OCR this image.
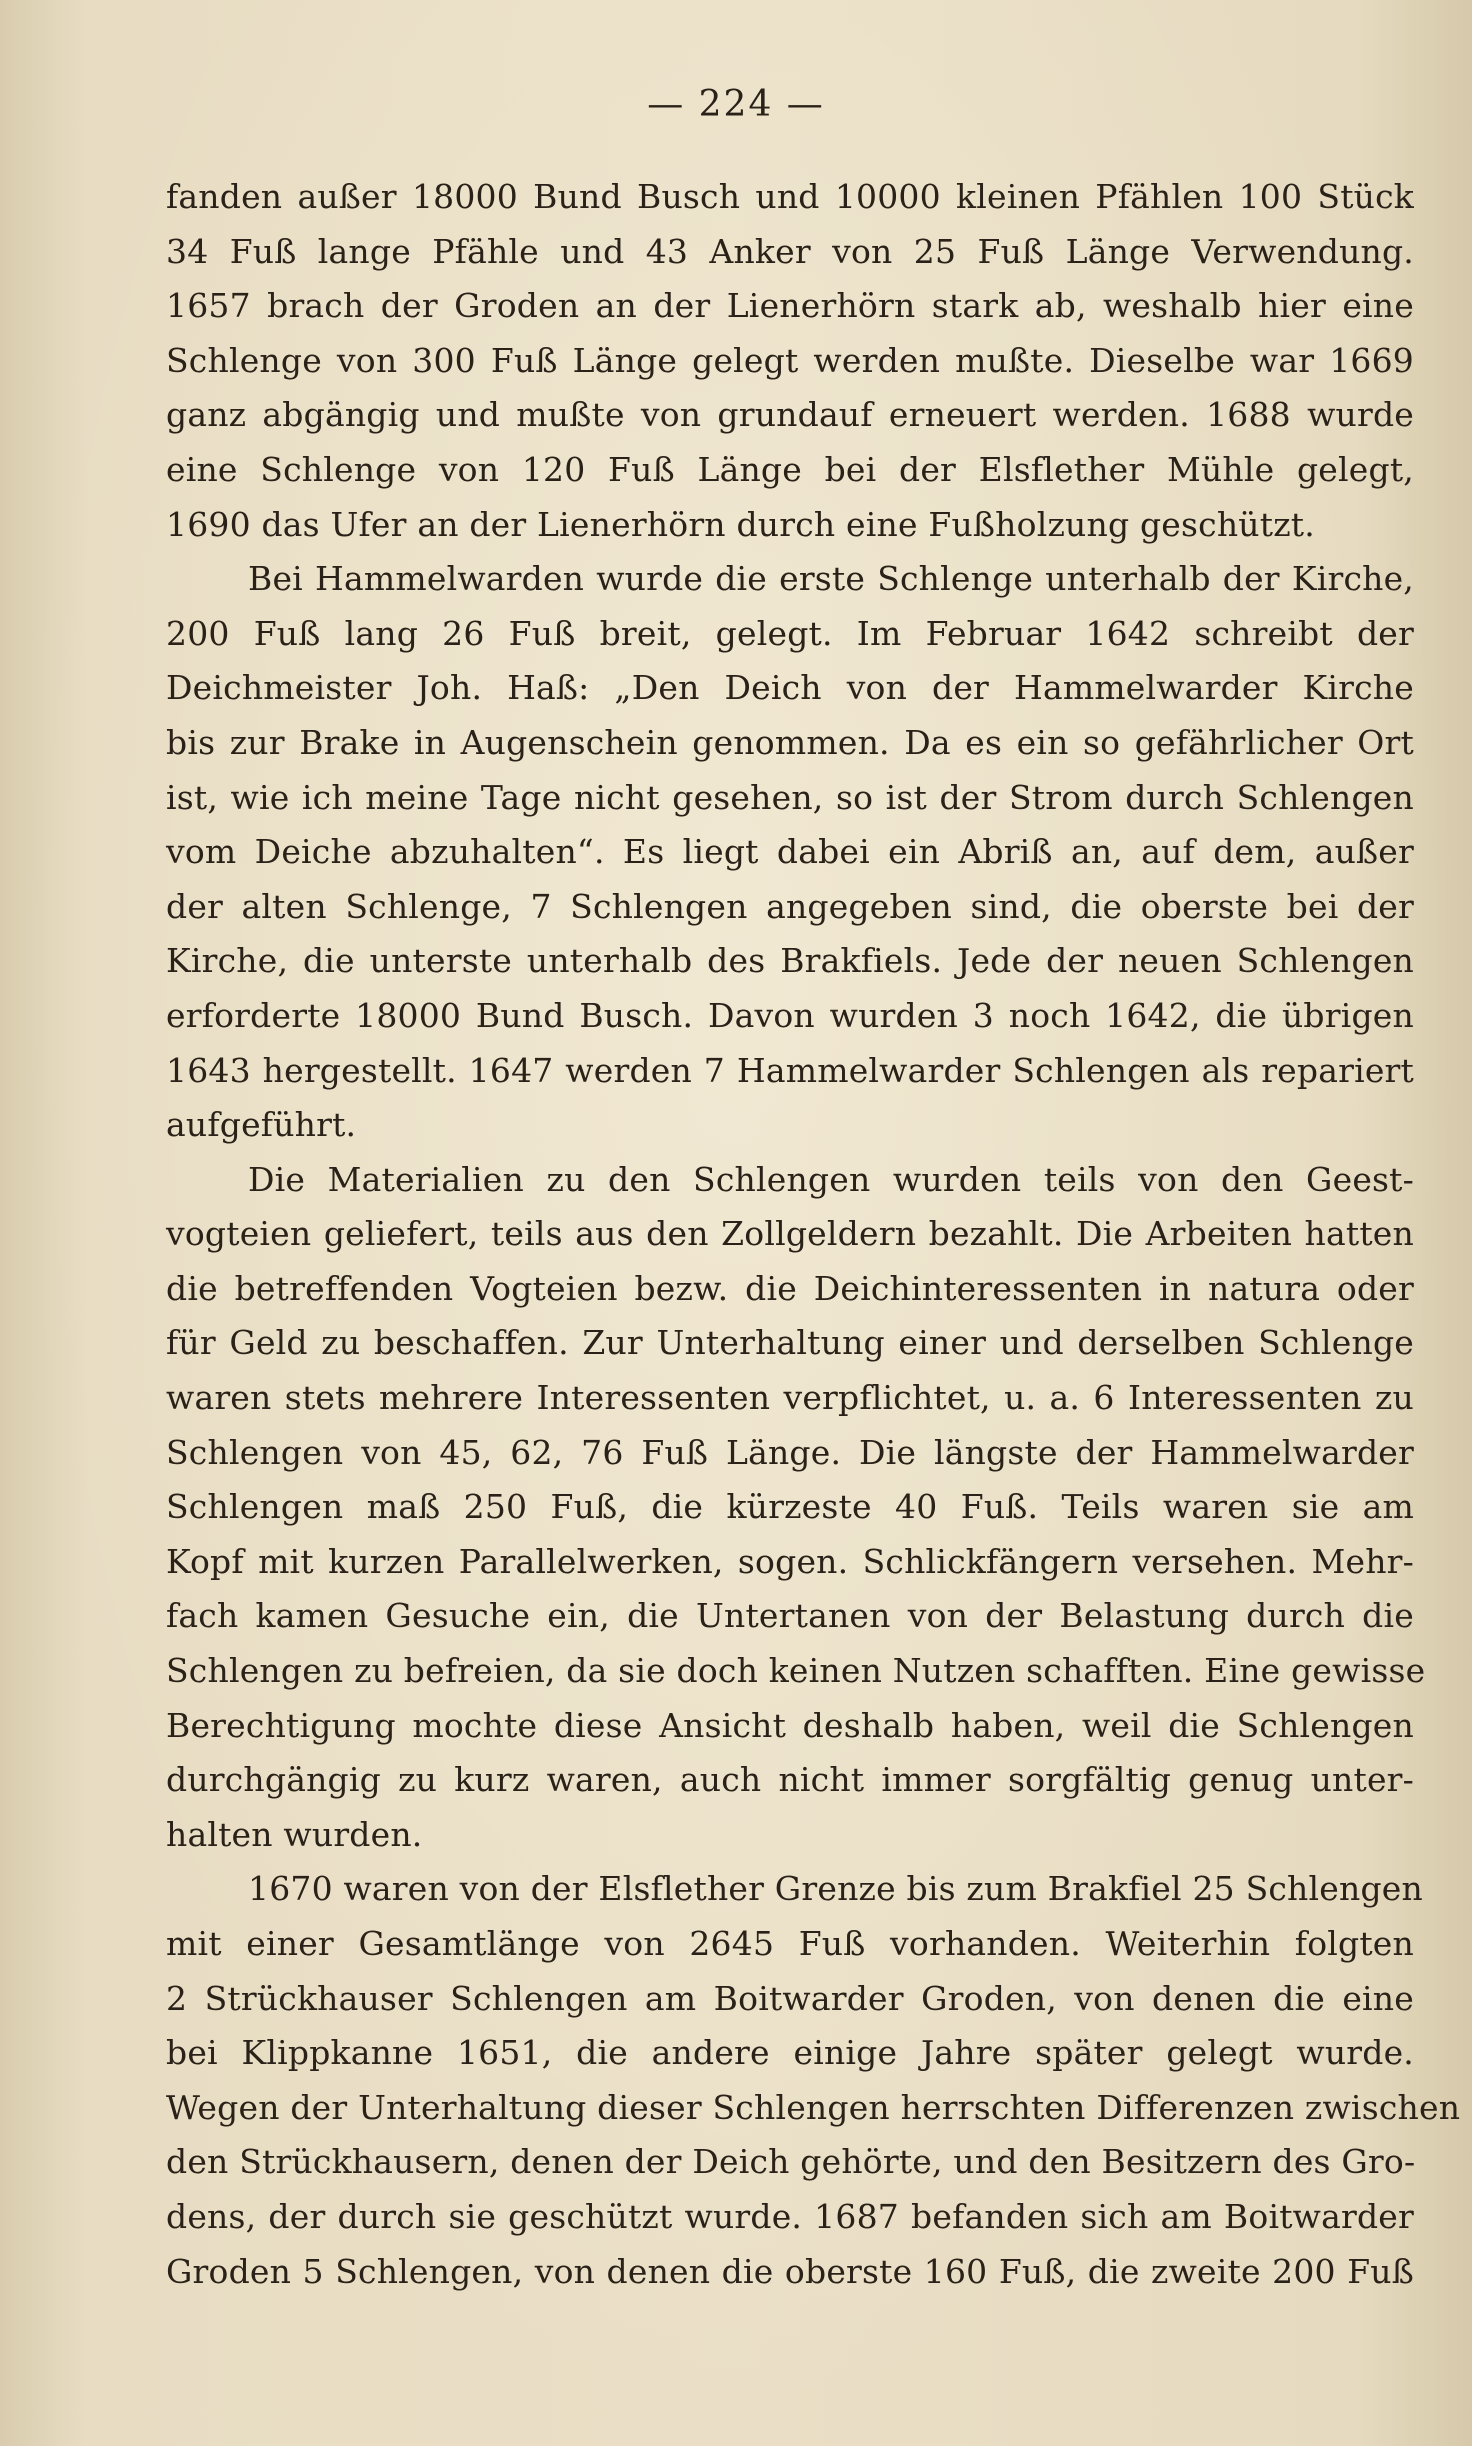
— 224 —
fanden außer 18000 Bund Busch und 10000 kleinen Pfählen 100 Stück
34 Fuß lange Pfähle und 43 Anker von 25 Fuß Länge Verwendung.
1657 brach der Groden an der Lienerhörn stark ab, weshalb hier eine
Schlenge von 300 Fuß Länge gelegt werden mußte. Dieselbe war 1669
ganz abgängig und mußte von grundauf erneuert werden. 1688 wurde
eine Schlenge von 120 Fuß Länge bei der Elsflether Mühle gelegt,
1690 das Ufer an der Lienerhörn durch eine Fußholzung geschützt.
Bei Hammelwarden wurde die erste Schlenge unterhalb der Kirche,
200 Fuß lang 26 Fuß breit, gelegt. Im Februar 1642 schreibt der
Deichmeister Joh. Haß: „Den Deich von der Hammelwarder Kirche
bis zur Brake in Augenschein genommen. Da es ein so gefährlicher Ort
ist, wie ich meine Tage nicht gesehen, so ist der Strom durch Schlengen
vom Deiche abzuhalten“. Es liegt dabei ein Abriß an, auf dem, außer
der alten Schlenge, 7 Schlengen angegeben sind, die oberste bei der
Kirche, die unterste unterhalb des Brakfiels. Jede der neuen Schlengen
erforderte 18000 Bund Busch. Davon wurden 3 noch 1642, die übrigen
1643 hergestellt. 1647 werden 7 Hammelwarder Schlengen als repariert
aufgeführt.
Die Materialien zu den Schlengen wurden teils von den Geest-
vogteien geliefert, teils aus den Zollgeldern bezahlt. Die Arbeiten hatten
die betreffenden Vogteien bezw. die Deichinteressenten in natura oder
für Geld zu beschaffen. Zur Unterhaltung einer und derselben Schlenge
waren stets mehrere Interessenten verpflichtet, u. a. 6 Interessenten zu
Schlengen von 45, 62, 76 Fuß Länge. Die längste der Hammelwarder
Schlengen maß 250 Fuß, die kürzeste 40 Fuß. Teils waren sie am
Kopf mit kurzen Parallelwerken, sogen. Schlickfängern versehen. Mehr-
fach kamen Gesuche ein, die Untertanen von der Belastung durch die
Schlengen zu befreien, da sie doch keinen Nutzen schafften. Eine gewisse
Berechtigung mochte diese Ansicht deshalb haben, weil die Schlengen
durchgängig zu kurz waren, auch nicht immer sorgfältig genug unter-
halten wurden.
1670 waren von der Elsflether Grenze bis zum Brakfiel 25 Schlengen
mit einer Gesamtlänge von 2645 Fuß vorhanden. Weiterhin folgten
2 Strückhauser Schlengen am Boitwarder Groden, von denen die eine
bei Klippkanne 1651, die andere einige Jahre später gelegt wurde.
Wegen der Unterhaltung dieser Schlengen herrschten Differenzen zwischen
den Strückhausern, denen der Deich gehörte, und den Besitzern des Gro-
dens, der durch sie geschützt wurde. 1687 befanden sich am Boitwarder
Groden 5 Schlengen, von denen die oberste 160 Fuß, die zweite 200 Fuß
